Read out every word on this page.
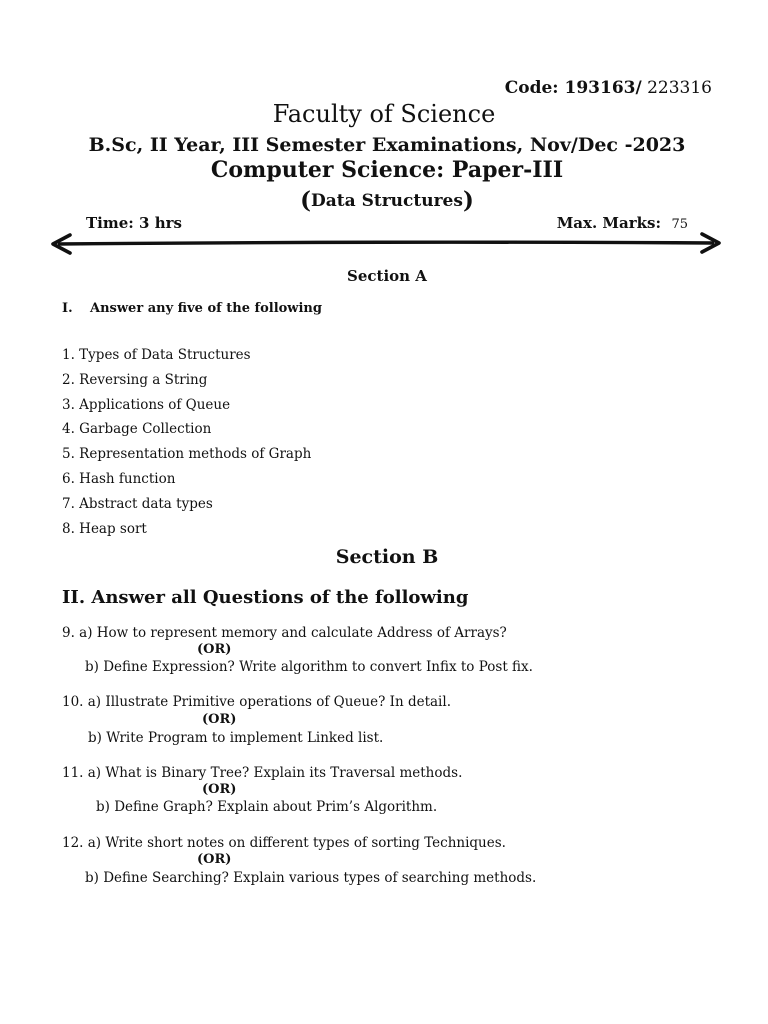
Code: 193163/ 223316
Faculty of Science
B.Sc, II Year, III Semester Examinations, Nov/Dec -2023
Computer Science: Paper-III
(Data Structures)
Time: 3 hrs	Max. Marks: 75
Section A
I. Answer any five of the following
1. Types of Data Structures
2. Reversing a String
3. Applications of Queue
4. Garbage Collection
5. Representation methods of Graph
6. Hash function
7. Abstract data types
8. Heap sort
Section B
II. Answer all Questions of the following
9. a) How to represent memory and calculate Address of Arrays?
(OR)
b) Define Expression? Write algorithm to convert Infix to Post fix.
10. a) Illustrate Primitive operations of Queue? In detail.
(OR)
b) Write Program to implement Linked list.
11. a) What is Binary Tree? Explain its Traversal methods.
(OR)
b) Define Graph? Explain about Prim’s Algorithm.
12. a) Write short notes on different types of sorting Techniques.
(OR)
b) Define Searching? Explain various types of searching methods.
